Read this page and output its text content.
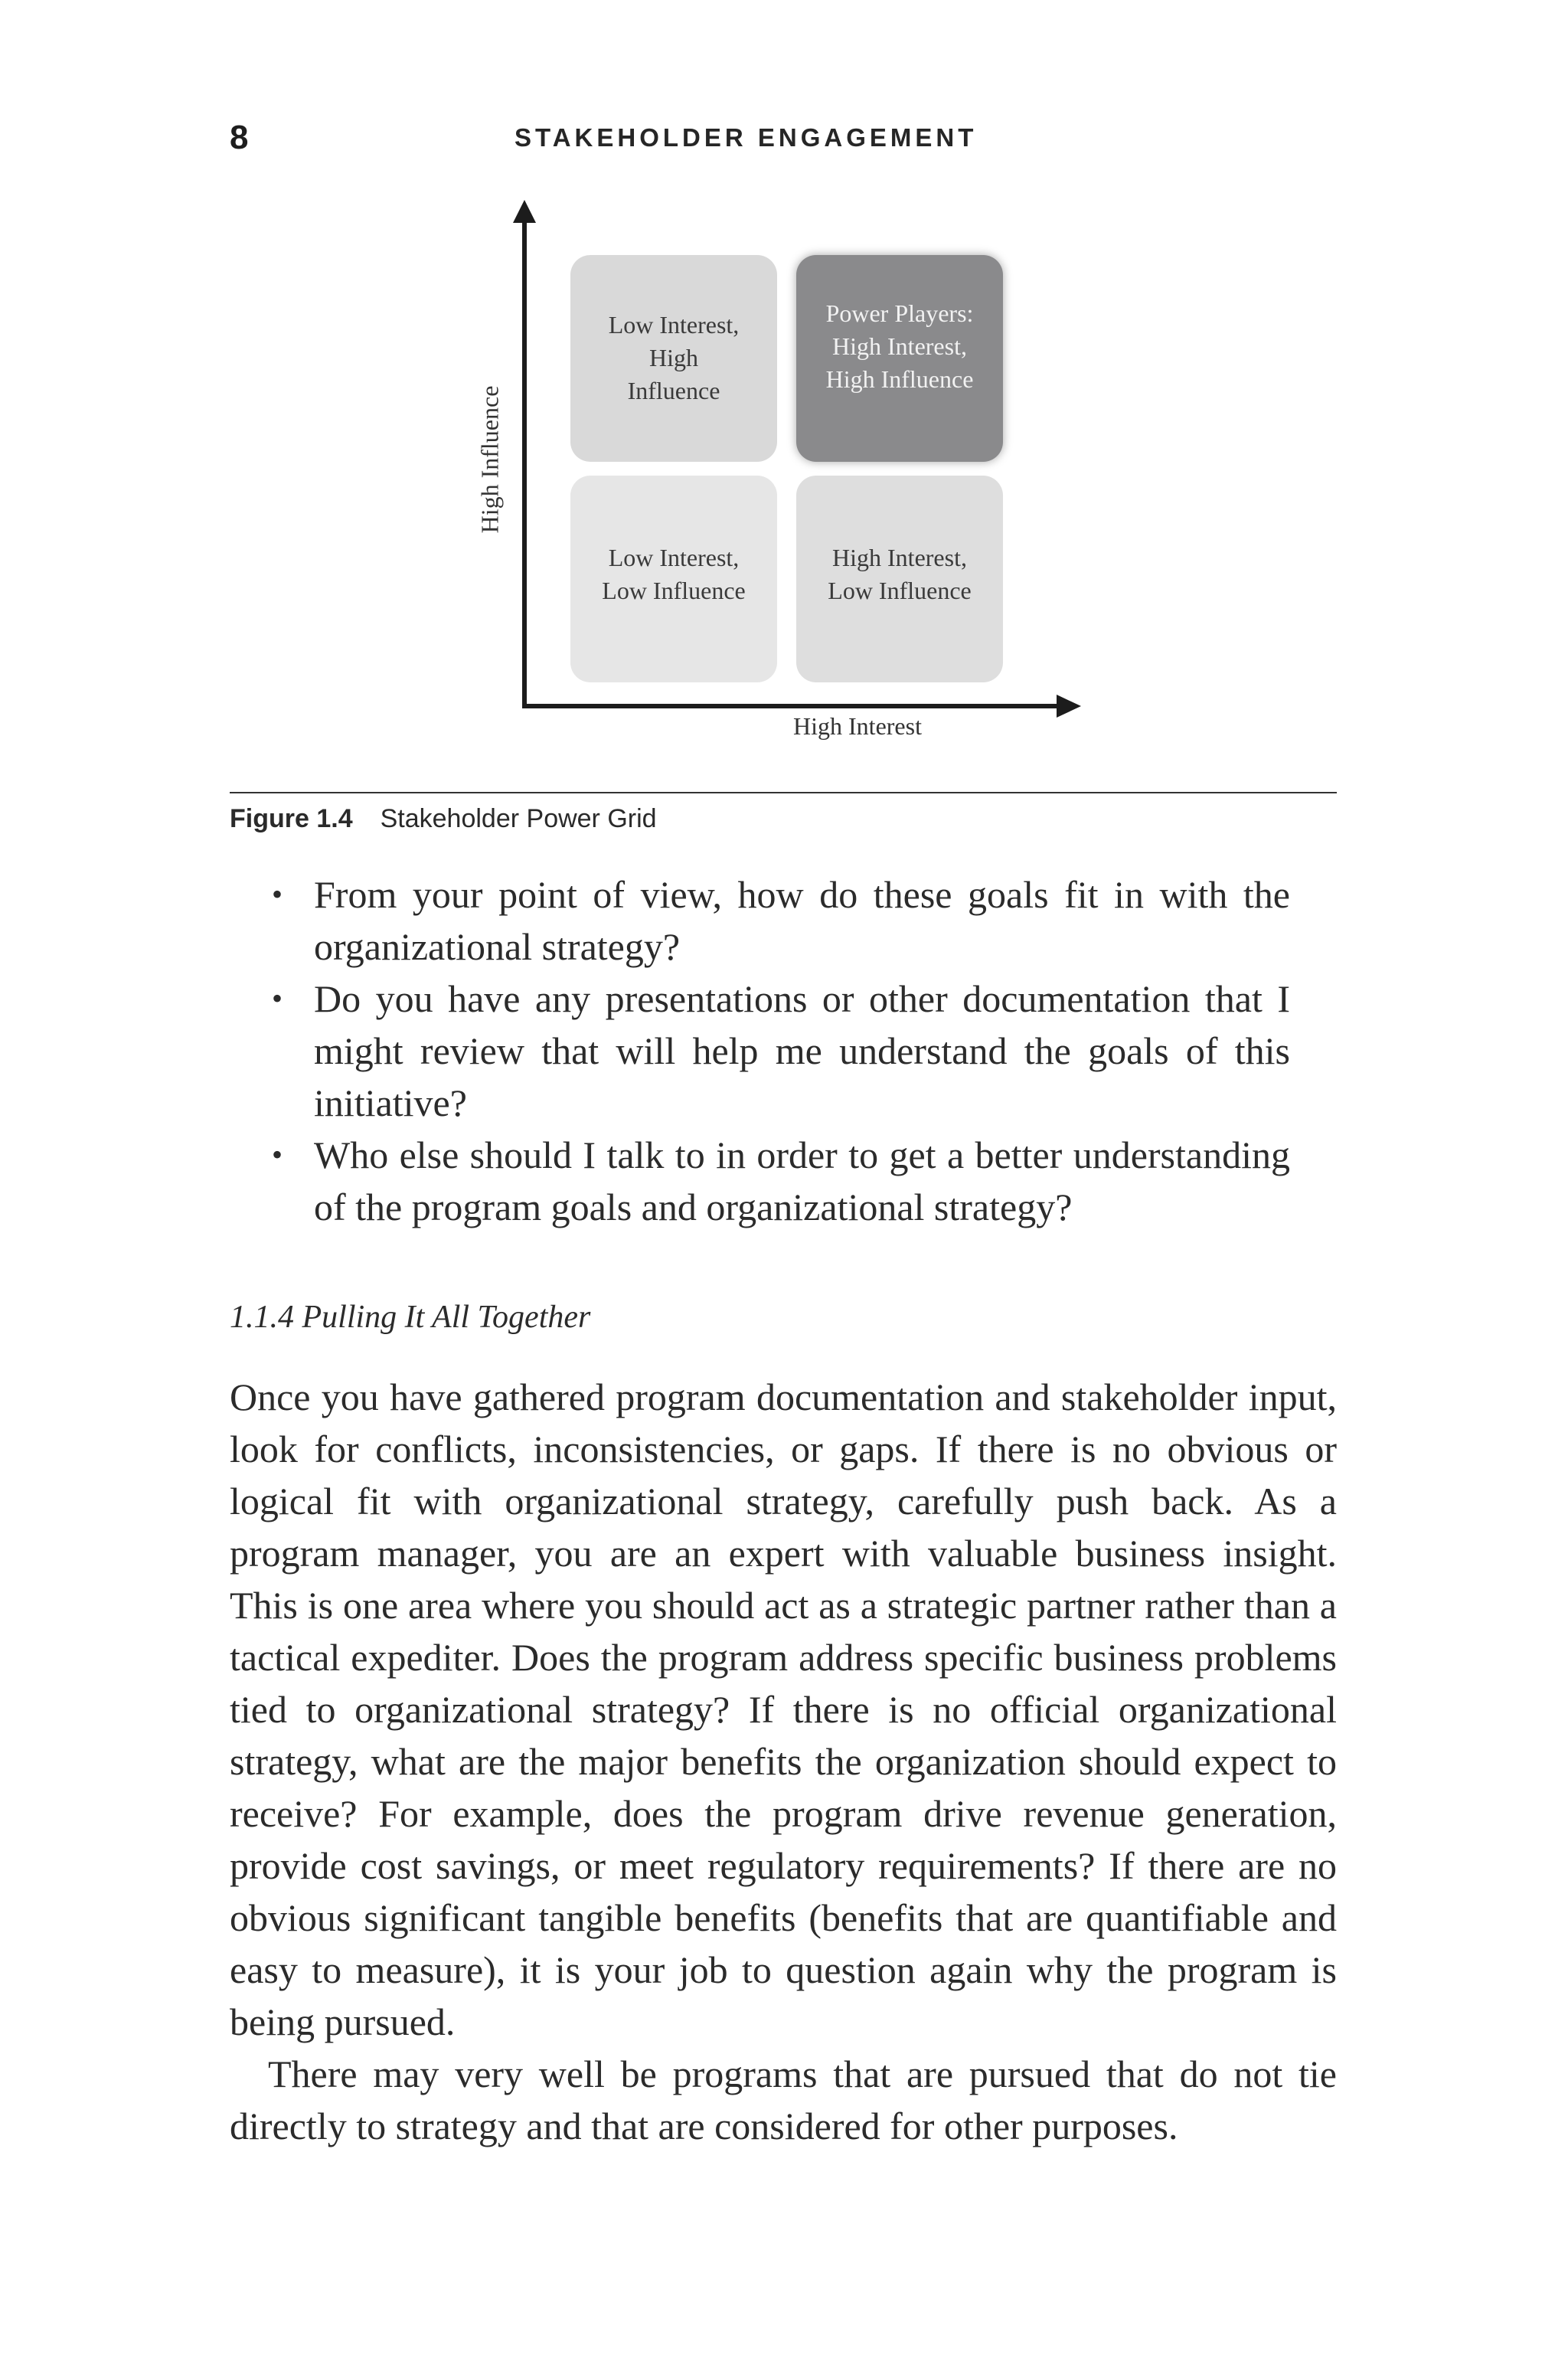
8	STAKEHOLDER ENGAGEMENT
High Influence
High Interest
Low Interest,
High
Influence
Power Players:
High Interest,
High Influence
Low Interest,
Low Influence
High Interest,
Low Influence
Figure 1.4 Stakeholder Power Grid
• From your point of view, how do these goals fit in with the organizational strategy?
• Do you have any presentations or other documentation that I might review that will help me understand the goals of this initiative?
• Who else should I talk to in order to get a better understanding of the program goals and organizational strategy?
1.1.4 Pulling It All Together

Once you have gathered program documentation and stakeholder input, look for conflicts, inconsistencies, or gaps. If there is no obvious or logical fit with organizational strategy, carefully push back. As a program manager, you are an expert with valuable business insight. This is one area where you should act as a strategic partner rather than a tactical expediter. Does the program address specific business problems tied to organizational strategy? If there is no official organizational strategy, what are the major benefits the organization should expect to receive? For example, does the program drive revenue generation, provide cost savings, or meet regulatory requirements? If there are no obvious significant tangible benefits (benefits that are quantifiable and easy to measure), it is your job to question again why the program is being pursued.

There may very well be programs that are pursued that do not tie directly to strategy and that are considered for other purposes.
